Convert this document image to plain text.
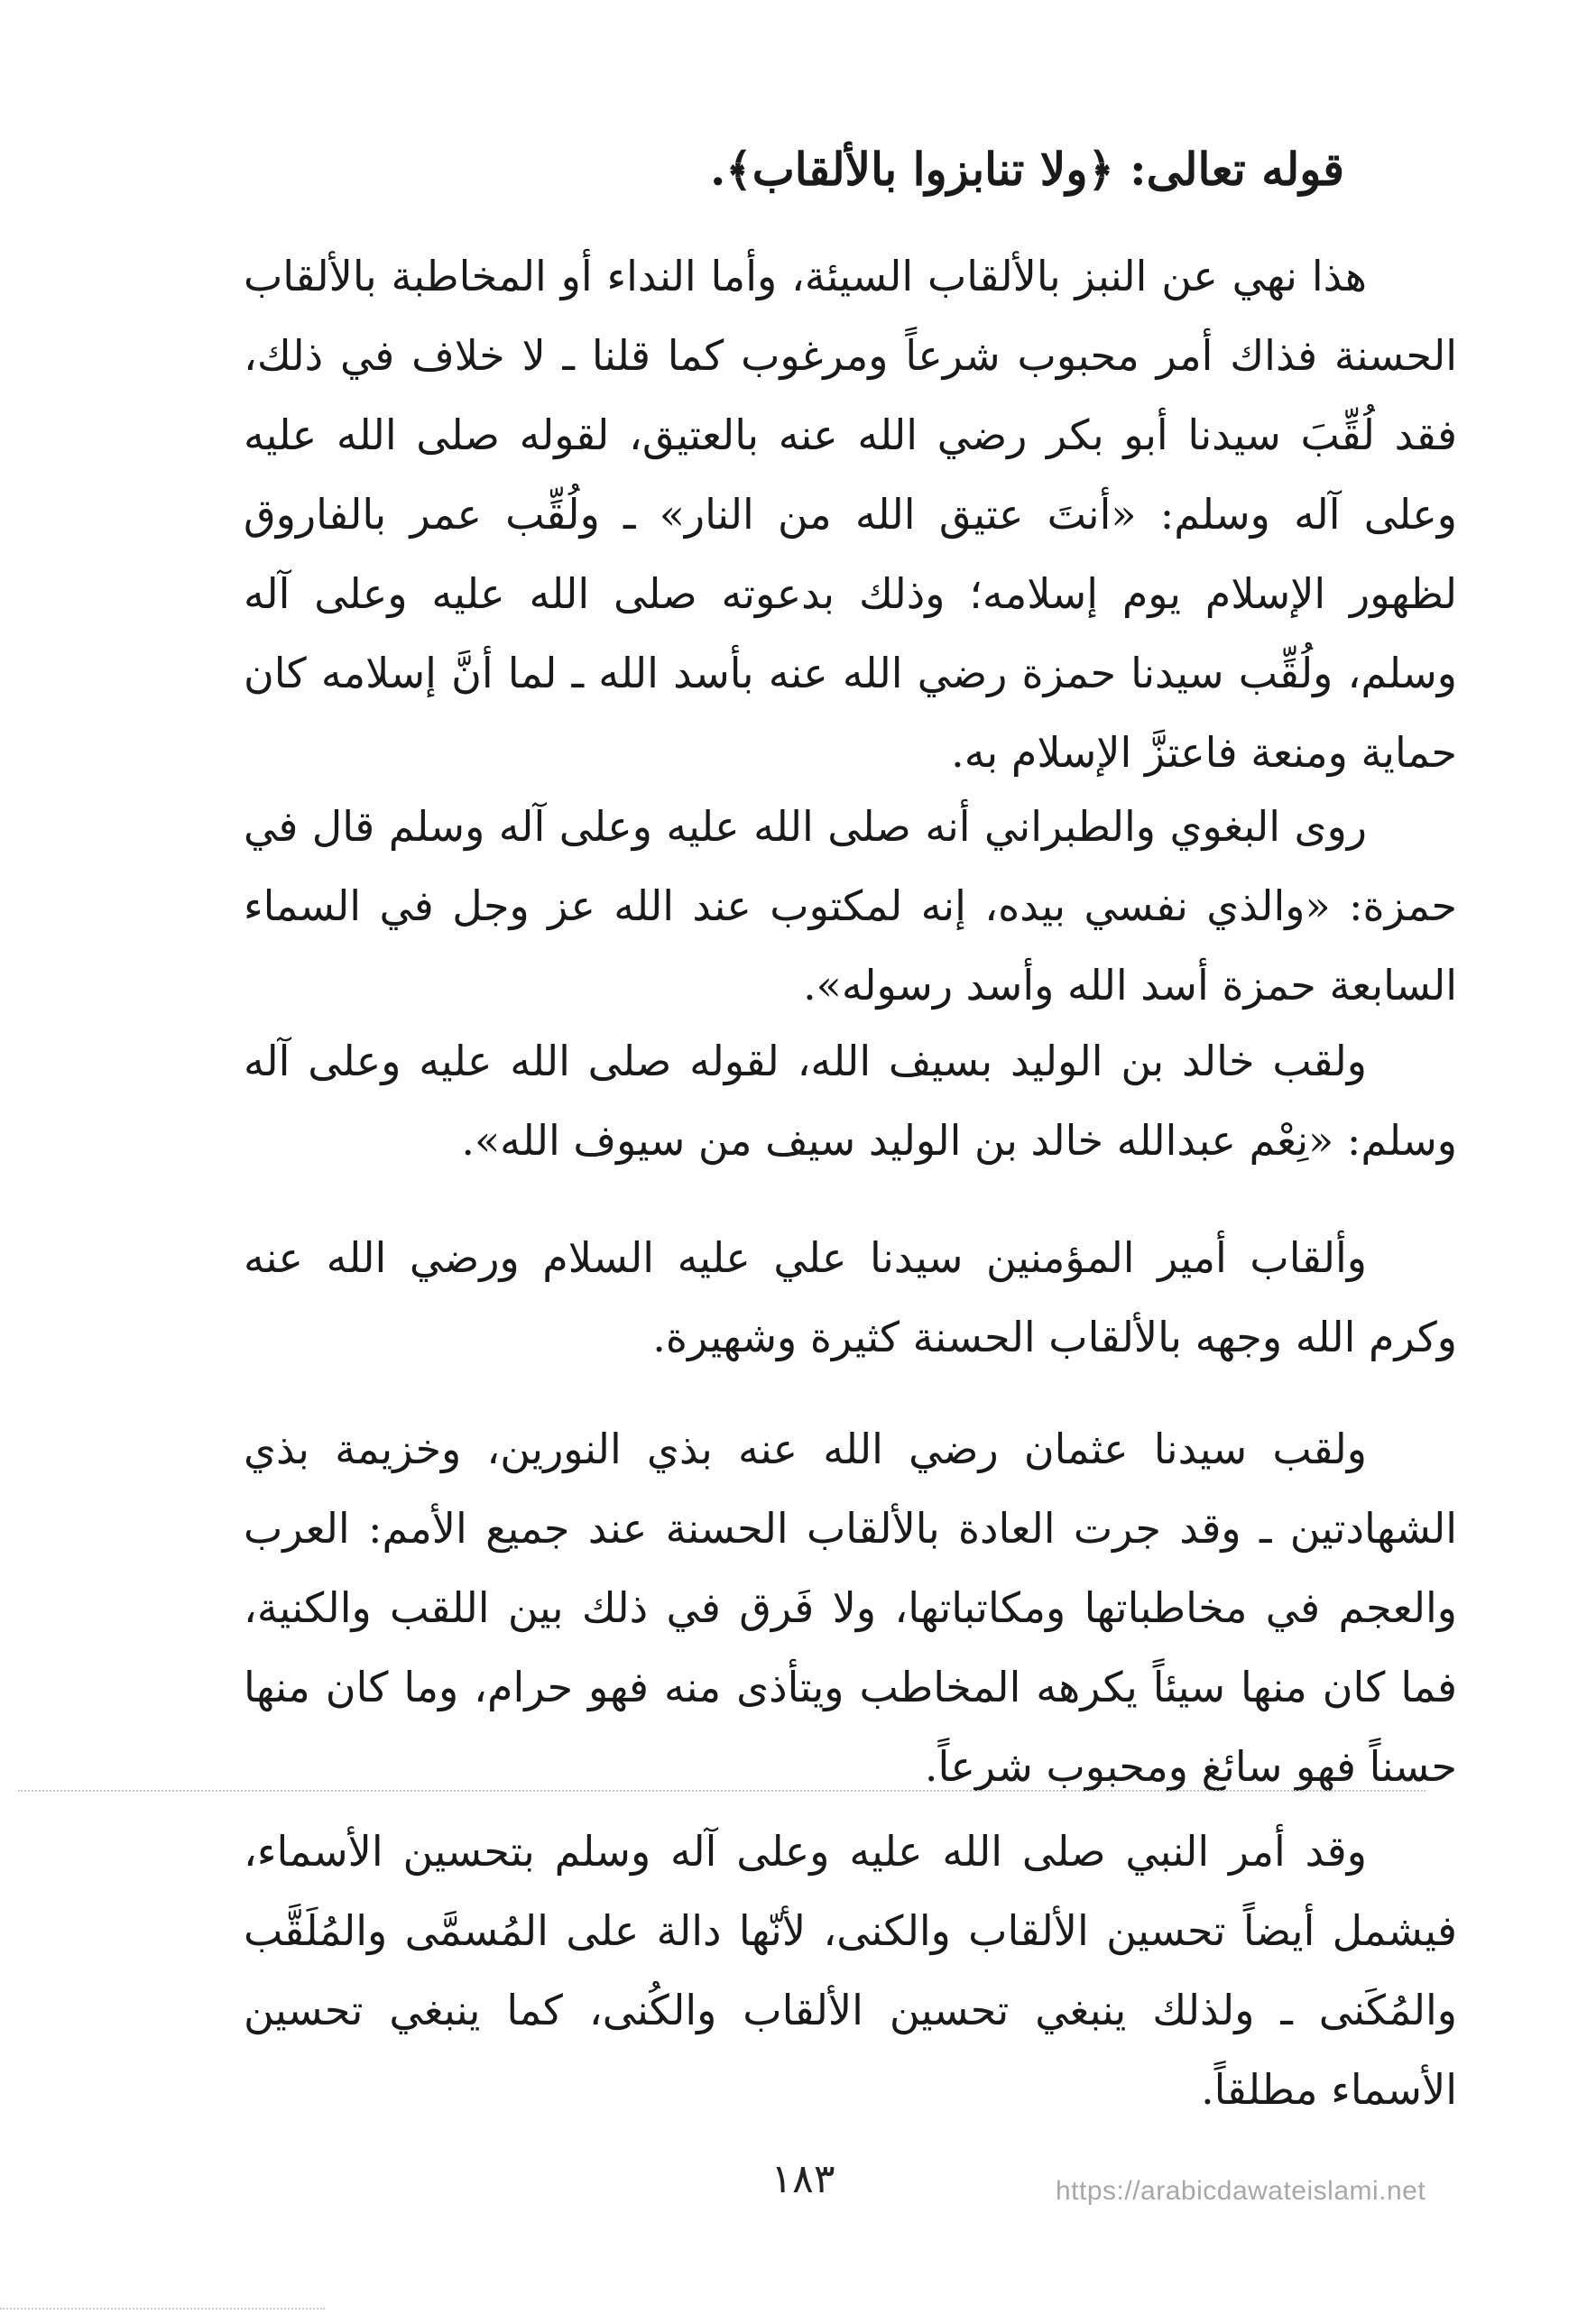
قوله تعالى: ﴿ولا تنابزوا بالألقاب﴾.

هذا نهي عن النبز بالألقاب السيئة، وأما النداء أو المخاطبة بالألقاب الحسنة فذاك أمر محبوب شرعاً ومرغوب كما قلنا ـ لا خلاف في ذلك، فقد لُقِّبَ سيدنا أبو بكر رضي الله عنه بالعتيق، لقوله صلى الله عليه وعلى آله وسلم: «أنتَ عتيق الله من النار» ـ ولُقِّب عمر بالفاروق لظهور الإسلام يوم إسلامه؛ وذلك بدعوته صلى الله عليه وعلى آله وسلم، ولُقِّب سيدنا حمزة رضي الله عنه بأسد الله ـ لما أنَّ إسلامه كان حماية ومنعة فاعتزَّ الإسلام به.

روى البغوي والطبراني أنه صلى الله عليه وعلى آله وسلم قال في حمزة: «والذي نفسي بيده، إنه لمكتوب عند الله عز وجل في السماء السابعة حمزة أسد الله وأسد رسوله».

ولقب خالد بن الوليد بسيف الله، لقوله صلى الله عليه وعلى آله وسلم: «نِعْم عبدالله خالد بن الوليد سيف من سيوف الله».

وألقاب أمير المؤمنين سيدنا علي عليه السلام ورضي الله عنه وكرم الله وجهه بالألقاب الحسنة كثيرة وشهيرة.

ولقب سيدنا عثمان رضي الله عنه بذي النورين، وخزيمة بذي الشهادتين ـ وقد جرت العادة بالألقاب الحسنة عند جميع الأمم: العرب والعجم في مخاطباتها ومكاتباتها، ولا فَرق في ذلك بين اللقب والكنية، فما كان منها سيئاً يكرهه المخاطب ويتأذى منه فهو حرام، وما كان منها حسناً فهو سائغ ومحبوب شرعاً.

وقد أمر النبي صلى الله عليه وعلى آله وسلم بتحسين الأسماء، فيشمل أيضاً تحسين الألقاب والكنى، لأنّها دالة على المُسمَّى والمُلَقَّب والمُكَنى ـ ولذلك ينبغي تحسين الألقاب والكُنى، كما ينبغي تحسين الأسماء مطلقاً.

١٨٣	https://arabicdawateislami.net
